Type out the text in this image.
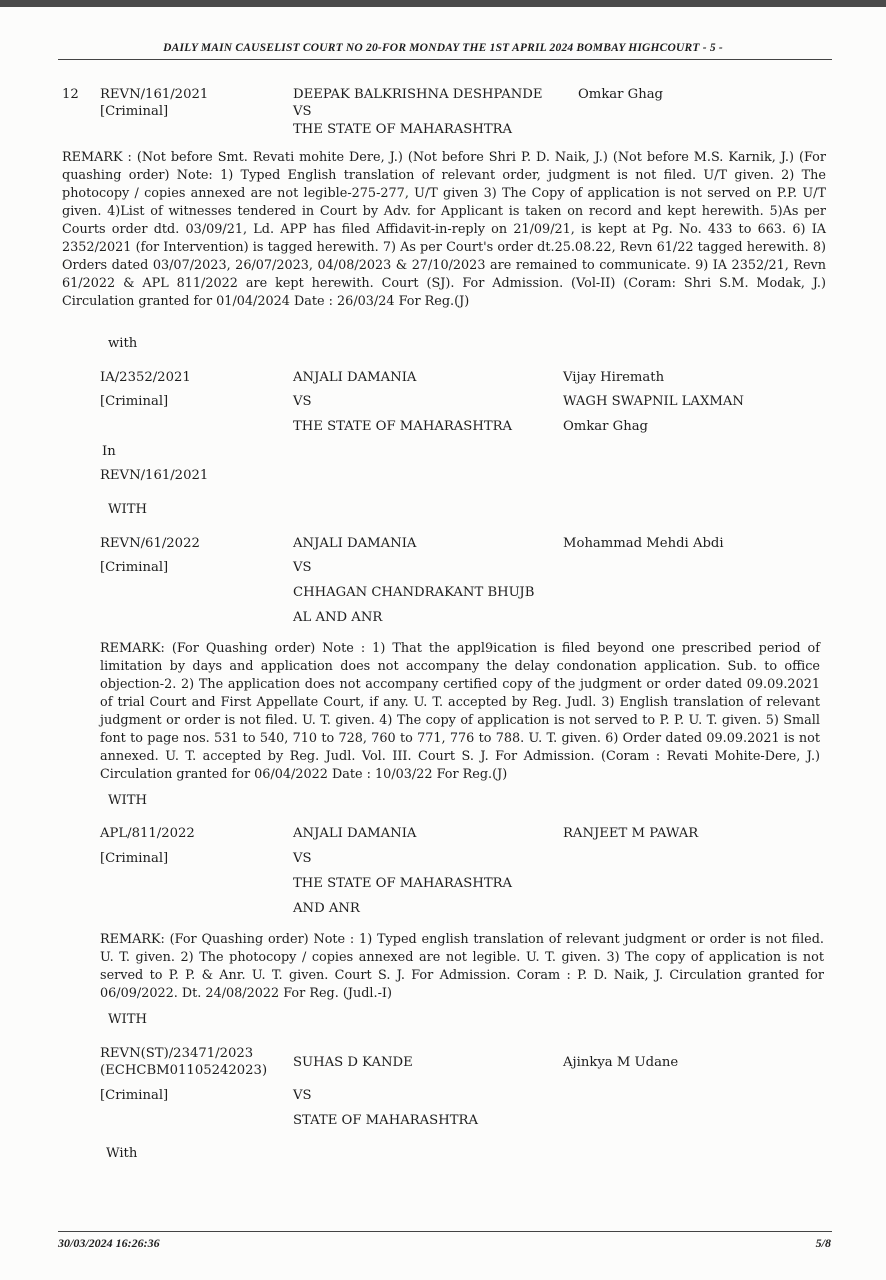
DAILY MAIN CAUSELIST COURT NO 20-FOR MONDAY THE 1ST APRIL 2024 BOMBAY HIGHCOURT - 5 -
12 REVN/161/2021
[Criminal]
DEEPAK BALKRISHNA DESHPANDE
VS
THE STATE OF MAHARASHTRA
Omkar Ghag
REMARK : (Not before Smt. Revati mohite Dere, J.) (Not before Shri P. D. Naik, J.) (Not before M.S. Karnik, J.) (For quashing order) Note: 1) Typed English translation of relevant order, judgment is not filed. U/T given. 2) The photocopy / copies annexed are not legible-275-277, U/T given 3) The Copy of application is not served on P.P. U/T given. 4)List of witnesses tendered in Court by Adv. for Applicant is taken on record and kept herewith. 5)As per Courts order dtd. 03/09/21, Ld. APP has filed Affidavit-in-reply on 21/09/21, is kept at Pg. No. 433 to 663. 6) IA 2352/2021 (for Intervention) is tagged herewith. 7) As per Court's order dt.25.08.22, Revn 61/22 tagged herewith. 8) Orders dated 03/07/2023, 26/07/2023, 04/08/2023 & 27/10/2023 are remained to communicate. 9) IA 2352/21, Revn 61/2022 & APL 811/2022 are kept herewith. Court (SJ). For Admission. (Vol-II) (Coram: Shri S.M. Modak, J.) Circulation granted for 01/04/2024 Date : 26/03/24 For Reg.(J)
with
IA/2352/2021
[Criminal]
ANJALI DAMANIA
VS
THE STATE OF MAHARASHTRA
Vijay Hiremath
WAGH SWAPNIL LAXMAN
Omkar Ghag
In
REVN/161/2021
WITH
REVN/61/2022
[Criminal]
ANJALI DAMANIA
VS
CHHAGAN CHANDRAKANT BHUJB
AL AND ANR
Mohammad Mehdi Abdi
REMARK: (For Quashing order) Note : 1) That the appl9ication is filed beyond one prescribed period of limitation by days and application does not accompany the delay condonation application. Sub. to office objection-2. 2) The application does not accompany certified copy of the judgment or order dated 09.09.2021 of trial Court and First Appellate Court, if any. U. T. accepted by Reg. Judl. 3) English translation of relevant judgment or order is not filed. U. T. given. 4) The copy of application is not served to P. P. U. T. given. 5) Small font to page nos. 531 to 540, 710 to 728, 760 to 771, 776 to 788. U. T. given. 6) Order dated 09.09.2021 is not annexed. U. T. accepted by Reg. Judl. Vol. III. Court S. J. For Admission. (Coram : Revati Mohite-Dere, J.) Circulation granted for 06/04/2022 Date : 10/03/22 For Reg.(J)
WITH
APL/811/2022
[Criminal]
ANJALI DAMANIA
VS
THE STATE OF MAHARASHTRA
AND ANR
RANJEET M PAWAR
REMARK: (For Quashing order) Note : 1) Typed english translation of relevant judgment or order is not filed. U. T. given. 2) The photocopy / copies annexed are not legible. U. T. given. 3) The copy of application is not served to P. P. & Anr. U. T. given. Court S. J. For Admission. Coram : P. D. Naik, J. Circulation granted for 06/09/2022. Dt. 24/08/2022 For Reg. (Judl.-I)
WITH
REVN(ST)/23471/2023
(ECHCBM01105242023)
[Criminal]
SUHAS D KANDE
VS
STATE OF MAHARASHTRA
Ajinkya M Udane
With
30/03/2024 16:26:36	5/8
